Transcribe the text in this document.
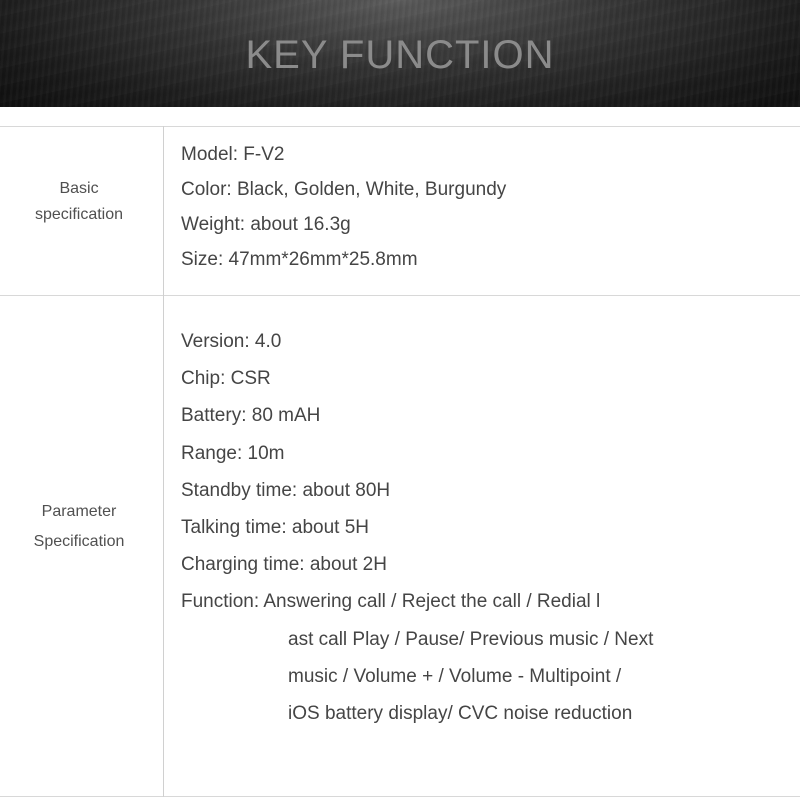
KEY FUNCTION
Basic
specification
Model: F-V2
Color: Black, Golden, White, Burgundy
Weight: about 16.3g
Size: 47mm*26mm*25.8mm
Parameter
Specification
Version: 4.0
Chip: CSR
Battery: 80 mAH
Range: 10m
Standby time: about 80H
Talking time: about 5H
Charging time: about 2H
Function: Answering call / Reject the call / Redial l
ast call Play / Pause/ Previous music / Next
music / Volume + / Volume - Multipoint /
iOS battery display/ CVC noise reduction
